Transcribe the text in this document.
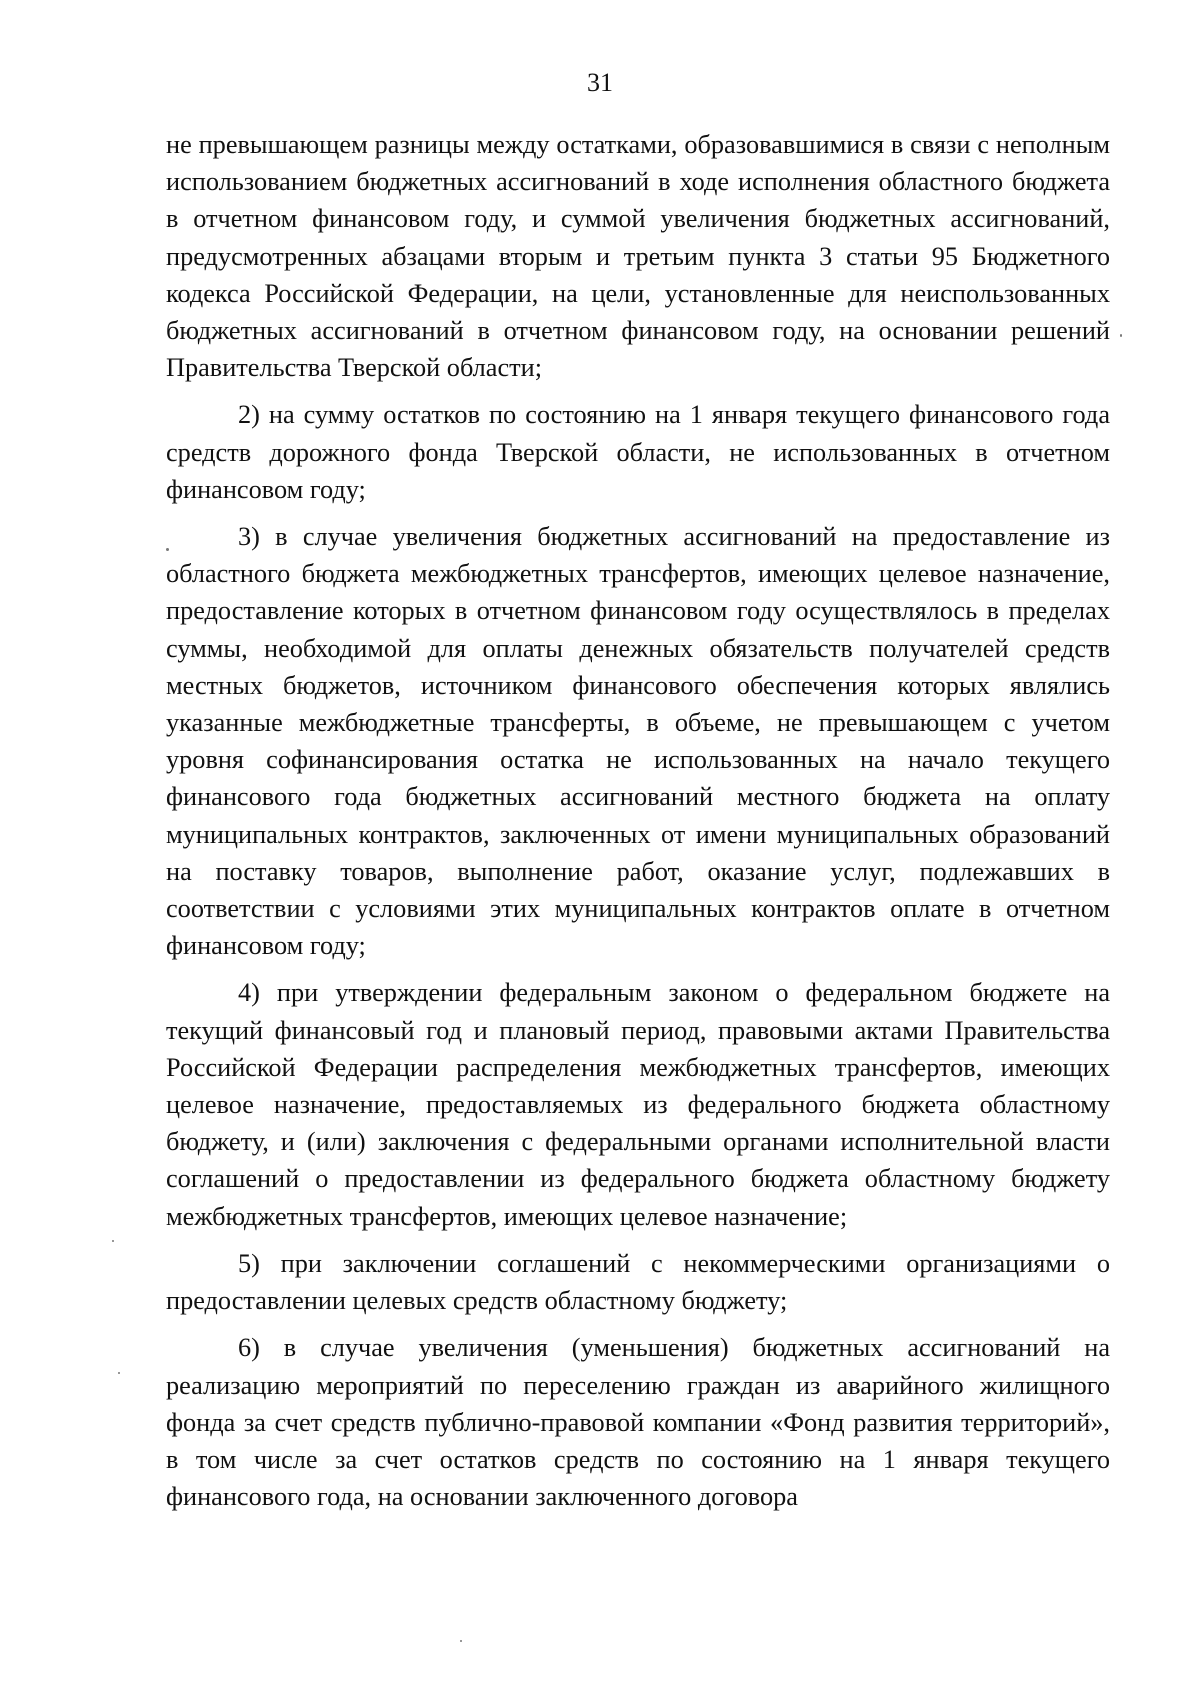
31

не превышающем разницы между остатками, образовавшимися в связи с неполным использованием бюджетных ассигнований в ходе исполнения областного бюджета в отчетном финансовом году, и суммой увеличения бюджетных ассигнований, предусмотренных абзацами вторым и третьим пункта 3 статьи 95 Бюджетного кодекса Российской Федерации, на цели, установленные для неиспользованных бюджетных ассигнований в отчетном финансовом году, на основании решений Правительства Тверской области;

2) на сумму остатков по состоянию на 1 января текущего финансового года средств дорожного фонда Тверской области, не использованных в отчетном финансовом году;

3) в случае увеличения бюджетных ассигнований на предоставление из областного бюджета межбюджетных трансфертов, имеющих целевое назначение, предоставление которых в отчетном финансовом году осуществлялось в пределах суммы, необходимой для оплаты денежных обязательств получателей средств местных бюджетов, источником финансового обеспечения которых являлись указанные межбюджетные трансферты, в объеме, не превышающем с учетом уровня софинансирования остатка не использованных на начало текущего финансового года бюджетных ассигнований местного бюджета на оплату муниципальных контрактов, заключенных от имени муниципальных образований на поставку товаров, выполнение работ, оказание услуг, подлежавших в соответствии с условиями этих муниципальных контрактов оплате в отчетном финансовом году;

4) при утверждении федеральным законом о федеральном бюджете на текущий финансовый год и плановый период, правовыми актами Правительства Российской Федерации распределения межбюджетных трансфертов, имеющих целевое назначение, предоставляемых из федерального бюджета областному бюджету, и (или) заключения с федеральными органами исполнительной власти соглашений о предоставлении из федерального бюджета областному бюджету межбюджетных трансфертов, имеющих целевое назначение;

5) при заключении соглашений с некоммерческими организациями о предоставлении целевых средств областному бюджету;

6) в случае увеличения (уменьшения) бюджетных ассигнований на реализацию мероприятий по переселению граждан из аварийного жилищного фонда за счет средств публично-правовой компании «Фонд развития территорий», в том числе за счет остатков средств по состоянию на 1 января текущего финансового года, на основании заключенного договора
